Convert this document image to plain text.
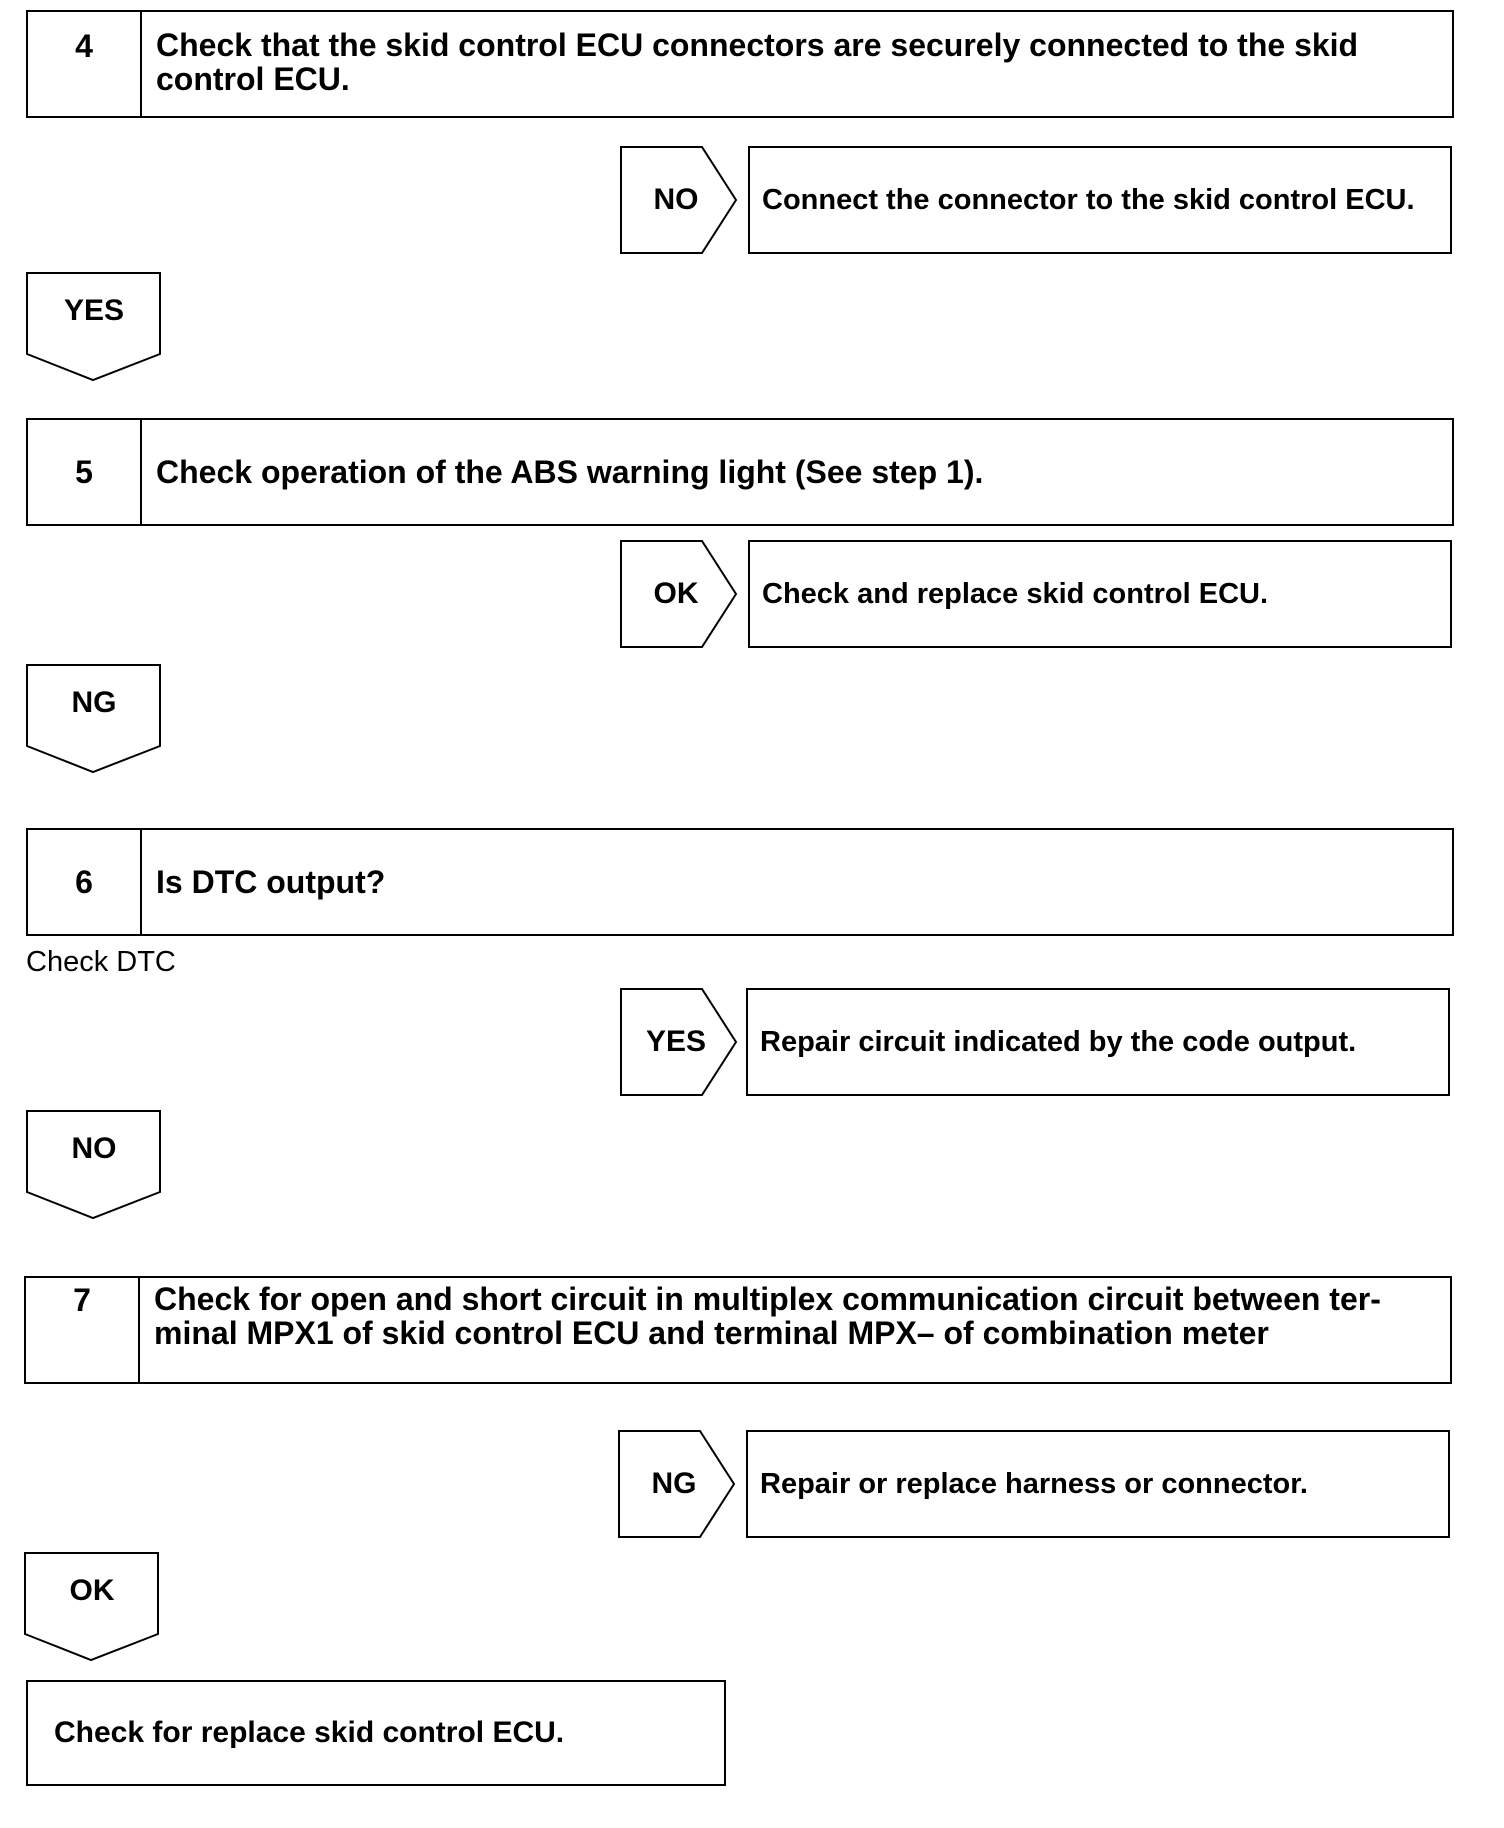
4	Check that the skid control ECU connectors are securely connected to the skid control ECU.
NO	Connect the connector to the skid control ECU.
YES
5	Check operation of the ABS warning light (See step 1).
OK	Check and replace skid control ECU.
NG
6	Is DTC output?
Check DTC
YES	Repair circuit indicated by the code output.
NO
7	Check for open and short circuit in multiplex communication circuit between ter- minal MPX1 of skid control ECU and terminal MPX– of combination meter
NG	Repair or replace harness or connector.
OK
Check for replace skid control ECU.
